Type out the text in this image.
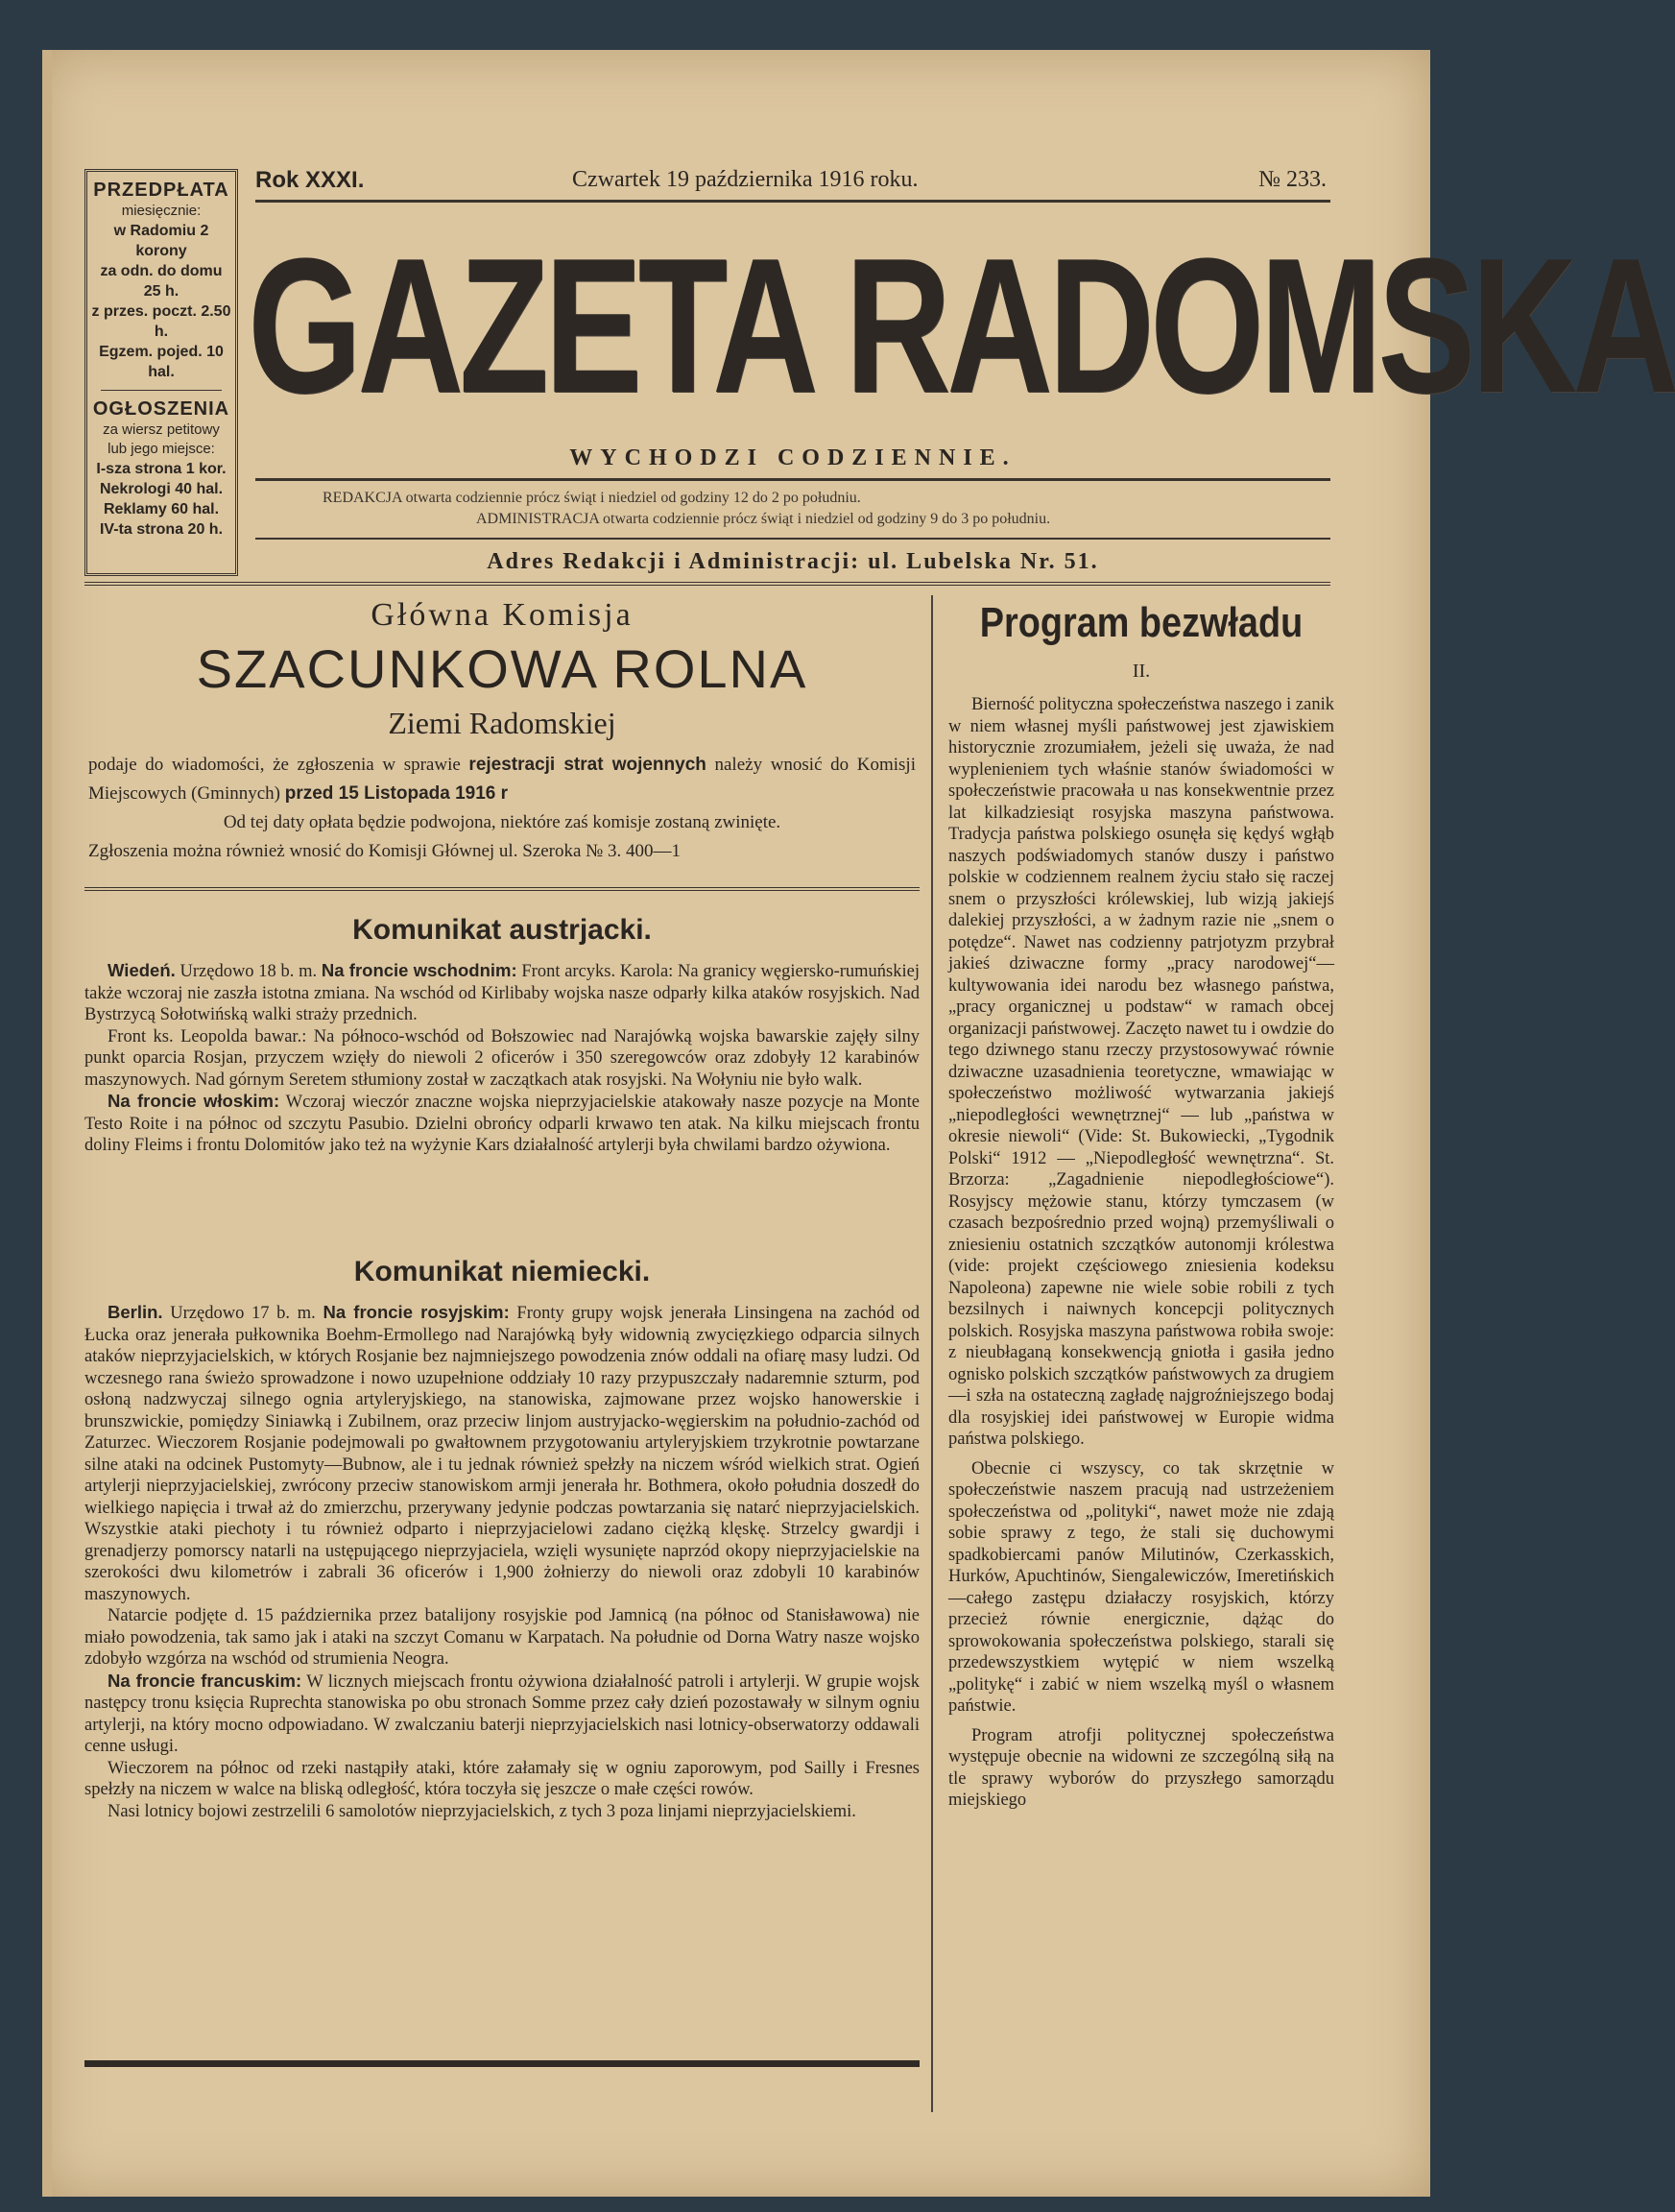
PRZEDPŁATA
miesięcznie:
w Radomiu 2 korony
za odn. do domu 25 h.
z przes. poczt. 2.50 h.
Egzem. pojed. 10 hal.
OGŁOSZENIA
za wiersz petitowy
lub jego miejsce:
I-sza strona 1 kor.
Nekrologi 40 hal.
Reklamy 60 hal.
IV-ta strona 20 h.
Rok XXXI.	Czwartek 19 października 1916 roku.	№ 233.
GAZETA RADOMSKA
WYCHODZI CODZIENNIE.
REDAKCJA otwarta codziennie prócz świąt i niedziel od godziny 12 do 2 po południu.
ADMINISTRACJA otwarta codziennie prócz świąt i niedziel od godziny 9 do 3 po południu.
Adres Redakcji i Administracji: ul. Lubelska Nr. 51.
Główna Komisja
SZACUNKOWA ROLNA
Ziemi Radomskiej
podaje do wiadomości, że zgłoszenia w sprawie rejestracji strat wojennych należy wnosić do Komisji Miejscowych (Gminnych) przed 15 Listopada 1916 r
Od tej daty opłata będzie podwojona, niektóre zaś komisje zostaną zwinięte.
Zgłoszenia można również wnosić do Komisji Głównej ul. Szeroka № 3. 400—1
Komunikat austrjacki.

Wiedeń. Urzędowo 18 b. m. Na froncie wschodnim: Front arcyks. Karola: Na granicy węgiersko-rumuńskiej także wczoraj nie zaszła istotna zmiana. Na wschód od Kirlibaby wojska nasze odparły kilka ataków rosyjskich. Nad Bystrzycą Sołotwińską walki straży przednich.

Front ks. Leopolda bawar.: Na północo-wschód od Bołszowiec nad Narajówką wojska bawarskie zajęły silny punkt oparcia Rosjan, przyczem wzięły do niewoli 2 oficerów i 350 szeregowców oraz zdobyły 12 karabinów maszynowych. Nad górnym Seretem stłumiony został w zaczątkach atak rosyjski. Na Wołyniu nie było walk.

Na froncie włoskim: Wczoraj wieczór znaczne wojska nieprzyjacielskie atakowały nasze pozycje na Monte Testo Roite i na północ od szczytu Pasubio. Dzielni obrońcy odparli krwawo ten atak. Na kilku miejscach frontu doliny Fleims i frontu Dolomitów jako też na wyżynie Kars działalność artylerji była chwilami bardzo ożywiona.

Komunikat niemiecki.

Berlin. Urzędowo 17 b. m. Na froncie rosyjskim: Fronty grupy wojsk jenerała Linsingena na zachód od Łucka oraz jenerała pułkownika Boehm-Ermollego nad Narajówką były widownią zwycięzkiego odparcia silnych ataków nieprzyjacielskich, w których Rosjanie bez najmniejszego powodzenia znów oddali na ofiarę masy ludzi. Od wczesnego rana świeżo sprowadzone i nowo uzupełnione oddziały 10 razy przypuszczały nadaremnie szturm, pod osłoną nadzwyczaj silnego ognia artyleryjskiego, na stanowiska, zajmowane przez wojsko hanowerskie i brunszwickie, pomiędzy Siniawką i Zubilnem, oraz przeciw linjom austryjacko-węgierskim na południo-zachód od Zaturzec. Wieczorem Rosjanie podejmowali po gwałtownem przygotowaniu artyleryjskiem trzykrotnie powtarzane silne ataki na odcinek Pustomyty—Bubnow, ale i tu jednak również spełzły na niczem wśród wielkich strat. Ogień artylerji nieprzyjacielskiej, zwrócony przeciw stanowiskom armji jenerała hr. Bothmera, około południa doszedł do wielkiego napięcia i trwał aż do zmierzchu, przerywany jedynie podczas powtarzania się natarć nieprzyjacielskich. Wszystkie ataki piechoty i tu również odparto i nieprzyjacielowi zadano ciężką klęskę. Strzelcy gwardji i grenadjerzy pomorscy natarli na ustępującego nieprzyjaciela, wzięli wysunięte naprzód okopy nieprzyjacielskie na szerokości dwu kilometrów i zabrali 36 oficerów i 1,900 żołnierzy do niewoli oraz zdobyli 10 karabinów maszynowych.

Natarcie podjęte d. 15 października przez batalijony rosyjskie pod Jamnicą (na północ od Stanisławowa) nie miało powodzenia, tak samo jak i ataki na szczyt Comanu w Karpatach. Na południe od Dorna Watry nasze wojsko zdobyło wzgórza na wschód od strumienia Neogra.

Na froncie francuskim: W licznych miejscach frontu ożywiona działalność patroli i artylerji. W grupie wojsk następcy tronu księcia Ruprechta stanowiska po obu stronach Somme przez cały dzień pozostawały w silnym ogniu artylerji, na który mocno odpowiadano. W zwalczaniu baterji nieprzyjacielskich nasi lotnicy-obserwatorzy oddawali cenne usługi.

Wieczorem na północ od rzeki nastąpiły ataki, które załamały się w ogniu zaporowym, pod Sailly i Fresnes spełzły na niczem w walce na bliską odległość, która toczyła się jeszcze o małe części rowów.

Nasi lotnicy bojowi zestrzelili 6 samolotów nieprzyjacielskich, z tych 3 poza linjami nieprzyjacielskiemi.

Program bezwładu
II.

Bierność polityczna społeczeństwa naszego i zanik w niem własnej myśli państwowej jest zjawiskiem historycznie zrozumiałem, jeżeli się uważa, że nad wyplenieniem tych właśnie stanów świadomości w społeczeństwie pracowała u nas konsekwentnie przez lat kilkadziesiąt rosyjska maszyna państwowa. Tradycja państwa polskiego osunęła się kędyś wgłąb naszych podświadomych stanów duszy i państwo polskie w codziennem realnem życiu stało się raczej snem o przyszłości królewskiej, lub wizją jakiejś dalekiej przyszłości, a w żadnym razie nie „snem o potędze“. Nawet nas codzienny patrjotyzm przybrał jakieś dziwaczne formy „pracy narodowej“—kultywowania idei narodu bez własnego państwa, „pracy organicznej u podstaw“ w ramach obcej organizacji państwowej. Zaczęto nawet tu i owdzie do tego dziwnego stanu rzeczy przystosowywać równie dziwaczne uzasadnienia teoretyczne, wmawiając w społeczeństwo możliwość wytwarzania jakiejś „niepodległości wewnętrznej“ — lub „państwa w okresie niewoli“ (Vide: St. Bukowiecki, „Tygodnik Polski“ 1912 — „Niepodległość wewnętrzna“. St. Brzorza: „Zagadnienie niepodległościowe“). Rosyjscy mężowie stanu, którzy tymczasem (w czasach bezpośrednio przed wojną) przemyśliwali o zniesieniu ostatnich szczątków autonomji królestwa (vide: projekt częściowego zniesienia kodeksu Napoleona) zapewne nie wiele sobie robili z tych bezsilnych i naiwnych koncepcji politycznych polskich. Rosyjska maszyna państwowa robiła swoje: z nieubłaganą konsekwencją gniotła i gasiła jedno ognisko polskich szczątków państwowych za drugiem—i szła na ostateczną zagładę najgroźniejszego bodaj dla rosyjskiej idei państwowej w Europie widma państwa polskiego.

Obecnie ci wszyscy, co tak skrzętnie w społeczeństwie naszem pracują nad ustrzeżeniem społeczeństwa od „polityki“, nawet może nie zdają sobie sprawy z tego, że stali się duchowymi spadkobiercami panów Milutinów, Czerkasskich, Hurków, Apuchtinów, Siengalewiczów, Imeretińskich —całego zastępu działaczy rosyjskich, którzy przecież równie energicznie, dążąc do sprowokowania społeczeństwa polskiego, starali się przedewszystkiem wytępić w niem wszelką „politykę“ i zabić w niem wszelką myśl o własnem państwie.

Program atrofji politycznej społeczeństwa występuje obecnie na widowni ze szczególną siłą na tle sprawy wyborów do przyszłego samorządu miejskiego
